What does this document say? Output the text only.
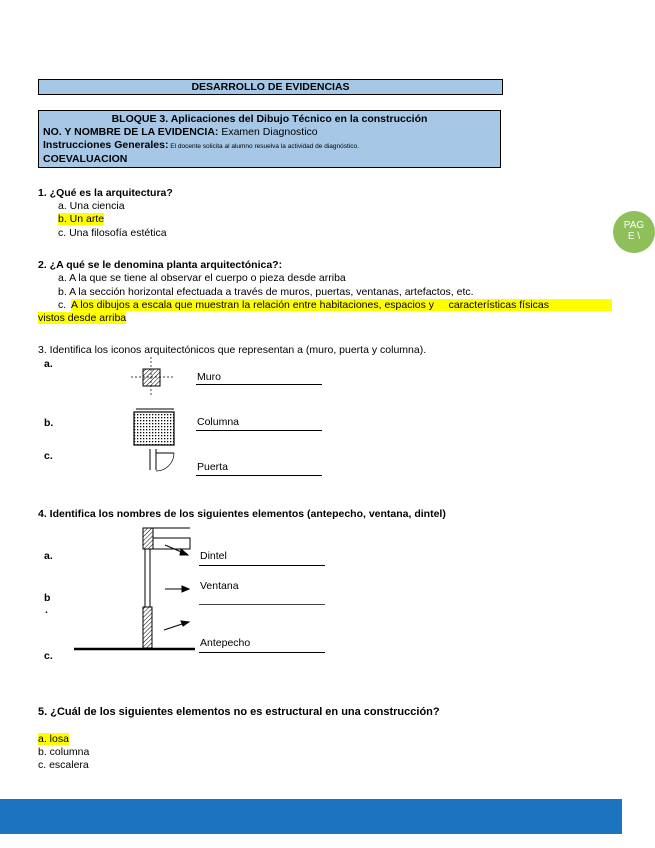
DESARROLLO DE EVIDENCIAS
BLOQUE 3. Aplicaciones del Dibujo Técnico en la construcción
NO. Y NOMBRE DE LA EVIDENCIA: Examen Diagnostico
Instrucciones Generales: El docente solicita al alumno resuelva la actividad de diagnóstico.
COEVALUACION
1. ¿Qué es la arquitectura?
a. Una ciencia
b. Un arte
c. Una filosofía estética
2. ¿A qué se le denomina planta arquitectónica?:
a. A la que se tiene al observar el cuerpo o pieza desde arriba
b. A la sección horizontal efectuada a través de muros, puertas, ventanas, artefactos, etc.
c. A los dibujos a escala que muestran la relación entre habitaciones, espacios y     características físicas
vistos desde arriba
3. Identifica los iconos arquitectónicos que representan a (muro, puerta y columna).
a.
b.
c.
Muro
Columna
Puerta
4. Identifica los nombres de los siguientes elementos (antepecho, ventana, dintel)
a.
b
.
c.
Dintel
Ventana
Antepecho
5. ¿Cuál de los siguientes elementos no es estructural en una construcción?
a. losa
b. columna
c. escalera
PAG
E \
